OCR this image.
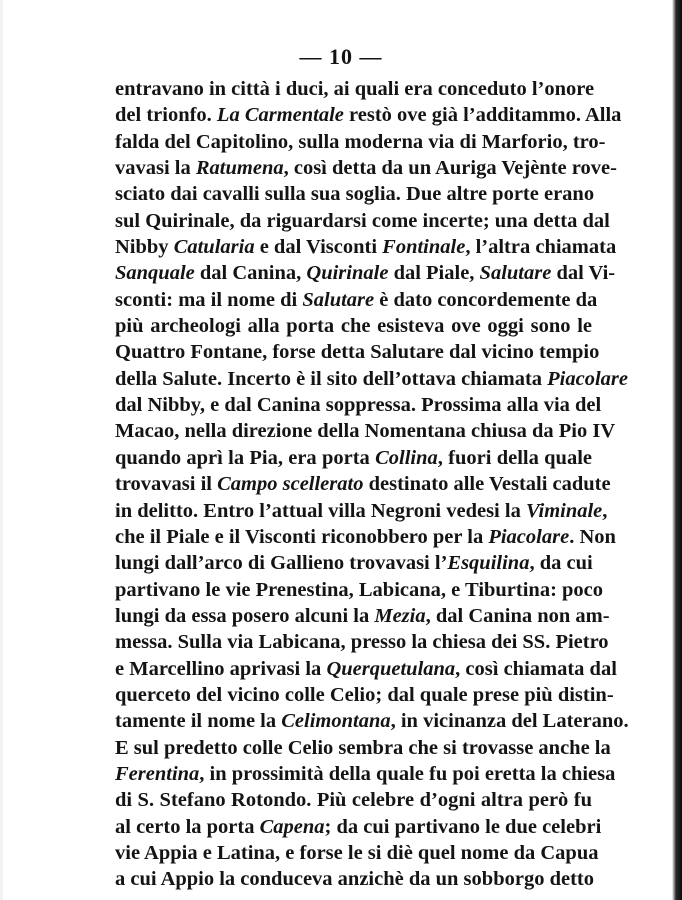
— 10 —
entravano in città i duci, ai quali era conceduto l’onore
del trionfo. La Carmentale restò ove già l’additammo. Alla
falda del Capitolino, sulla moderna via di Marforio, tro-
vavasi la Ratumena, così detta da un Auriga Vejènte rove-
sciato dai cavalli sulla sua soglia. Due altre porte erano
sul Quirinale, da riguardarsi come incerte; una detta dal
Nibby Catularia e dal Visconti Fontinale, l’altra chiamata
Sanquale dal Canina, Quirinale dal Piale, Salutare dal Vi-
sconti: ma il nome di Salutare è dato concordemente da
più archeologi alla porta che esisteva ove oggi sono le
Quattro Fontane, forse detta Salutare dal vicino tempio
della Salute. Incerto è il sito dell’ottava chiamata Piacolare
dal Nibby, e dal Canina soppressa. Prossima alla via del
Macao, nella direzione della Nomentana chiusa da Pio IV
quando aprì la Pia, era porta Collina, fuori della quale
trovavasi il Campo scellerato destinato alle Vestali cadute
in delitto. Entro l’attual villa Negroni vedesi la Viminale,
che il Piale e il Visconti riconobbero per la Piacolare. Non
lungi dall’arco di Gallieno trovavasi l’Esquilina, da cui
partivano le vie Prenestina, Labicana, e Tiburtina: poco
lungi da essa posero alcuni la Mezia, dal Canina non am-
messa. Sulla via Labicana, presso la chiesa dei SS. Pietro
e Marcellino aprivasi la Querquetulana, così chiamata dal
querceto del vicino colle Celio; dal quale prese più distin-
tamente il nome la Celimontana, in vicinanza del Laterano.
E sul predetto colle Celio sembra che si trovasse anche la
Ferentina, in prossimità della quale fu poi eretta la chiesa
di S. Stefano Rotondo. Più celebre d’ogni altra però fu
al certo la porta Capena; da cui partivano le due celebri
vie Appia e Latina, e forse le si diè quel nome da Capua
a cui Appio la conduceva anzichè da un sobborgo detto
